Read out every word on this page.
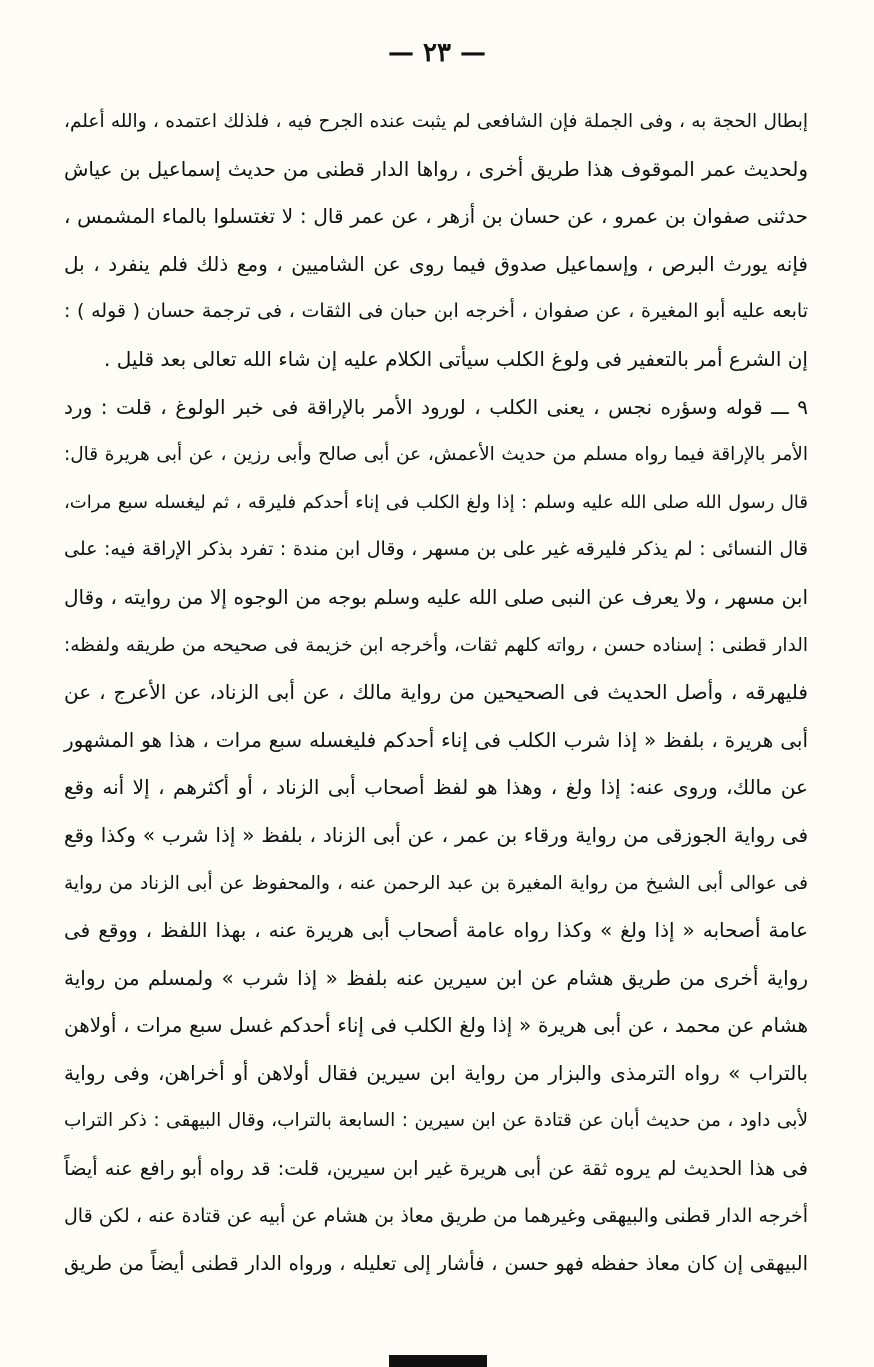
— ٢٣ —
إبطال الحجة به ، وفى الجملة فإن الشافعى لم يثبت عنده الجرح فيه ، فلذلك اعتمده ، والله أعلم،
ولحديث عمر الموقوف هذا طريق أخرى ، رواها الدار قطنى من حديث إسماعيل بن عياش
حدثنى صفوان بن عمرو ، عن حسان بن أزهر ، عن عمر قال : لا تغتسلوا بالماء المشمس ،
فإنه يورث البرص ، وإسماعيل صدوق فيما روى عن الشاميين ، ومع ذلك فلم ينفرد ، بل
تابعه عليه أبو المغيرة ، عن صفوان ، أخرجه ابن حبان فى الثقات ، فى ترجمة حسان ( قوله ) :
إن الشرع أمر بالتعفير فى ولوغ الكلب سيأتى الكلام عليه إن شاء الله تعالى بعد قليل .
٩ ـــ قوله وسؤره نجس ، يعنى الكلب ، لورود الأمر بالإراقة فى خبر الولوغ ، قلت : ورد
الأمر بالإراقة فيما رواه مسلم من حديث الأعمش، عن أبى صالح وأبى رزين ، عن أبى هريرة قال:
قال رسول الله صلى الله عليه وسلم : إذا ولغ الكلب فى إناء أحدكم فليرقه ، ثم ليغسله سبع مرات،
قال النسائى : لم يذكر فليرقه غير على بن مسهر ، وقال ابن مندة : تفرد بذكر الإراقة فيه: على
ابن مسهر ، ولا يعرف عن النبى صلى الله عليه وسلم بوجه من الوجوه إلا من روايته ، وقال
الدار قطنى : إسناده حسن ، رواته كلهم ثقات، وأخرجه ابن خزيمة فى صحيحه من طريقه ولفظه:
فليهرقه ، وأصل الحديث فى الصحيحين من رواية مالك ، عن أبى الزناد، عن الأعرج ، عن
أبى هريرة ، بلفظ « إذا شرب الكلب فى إناء أحدكم فليغسله سبع مرات ، هذا هو المشهور
عن مالك، وروى عنه: إذا ولغ ، وهذا هو لفظ أصحاب أبى الزناد ، أو أكثرهم ، إلا أنه وقع
فى رواية الجوزقى من رواية ورقاء بن عمر ، عن أبى الزناد ، بلفظ « إذا شرب » وكذا وقع
فى عوالى أبى الشيخ من رواية المغيرة بن عبد الرحمن عنه ، والمحفوظ عن أبى الزناد من رواية
عامة أصحابه « إذا ولغ » وكذا رواه عامة أصحاب أبى هريرة عنه ، بهذا اللفظ ، ووقع فى
رواية أخرى من طريق هشام عن ابن سيرين عنه بلفظ « إذا شرب » ولمسلم من رواية
هشام عن محمد ، عن أبى هريرة « إذا ولغ الكلب فى إناء أحدكم غسل سبع مرات ، أولاهن
بالتراب » رواه الترمذى والبزار من رواية ابن سيرين فقال أولاهن أو أخراهن، وفى رواية
لأبى داود ، من حديث أبان عن قتادة عن ابن سيرين : السابعة بالتراب، وقال البيهقى : ذكر التراب
فى هذا الحديث لم يروه ثقة عن أبى هريرة غير ابن سيرين، قلت: قد رواه أبو رافع عنه أيضاً
أخرجه الدار قطنى والبيهقى وغيرهما من طريق معاذ بن هشام عن أبيه عن قتادة عنه ، لكن قال
البيهقى إن كان معاذ حفظه فهو حسن ، فأشار إلى تعليله ، ورواه الدار قطنى أيضاً من طريق
